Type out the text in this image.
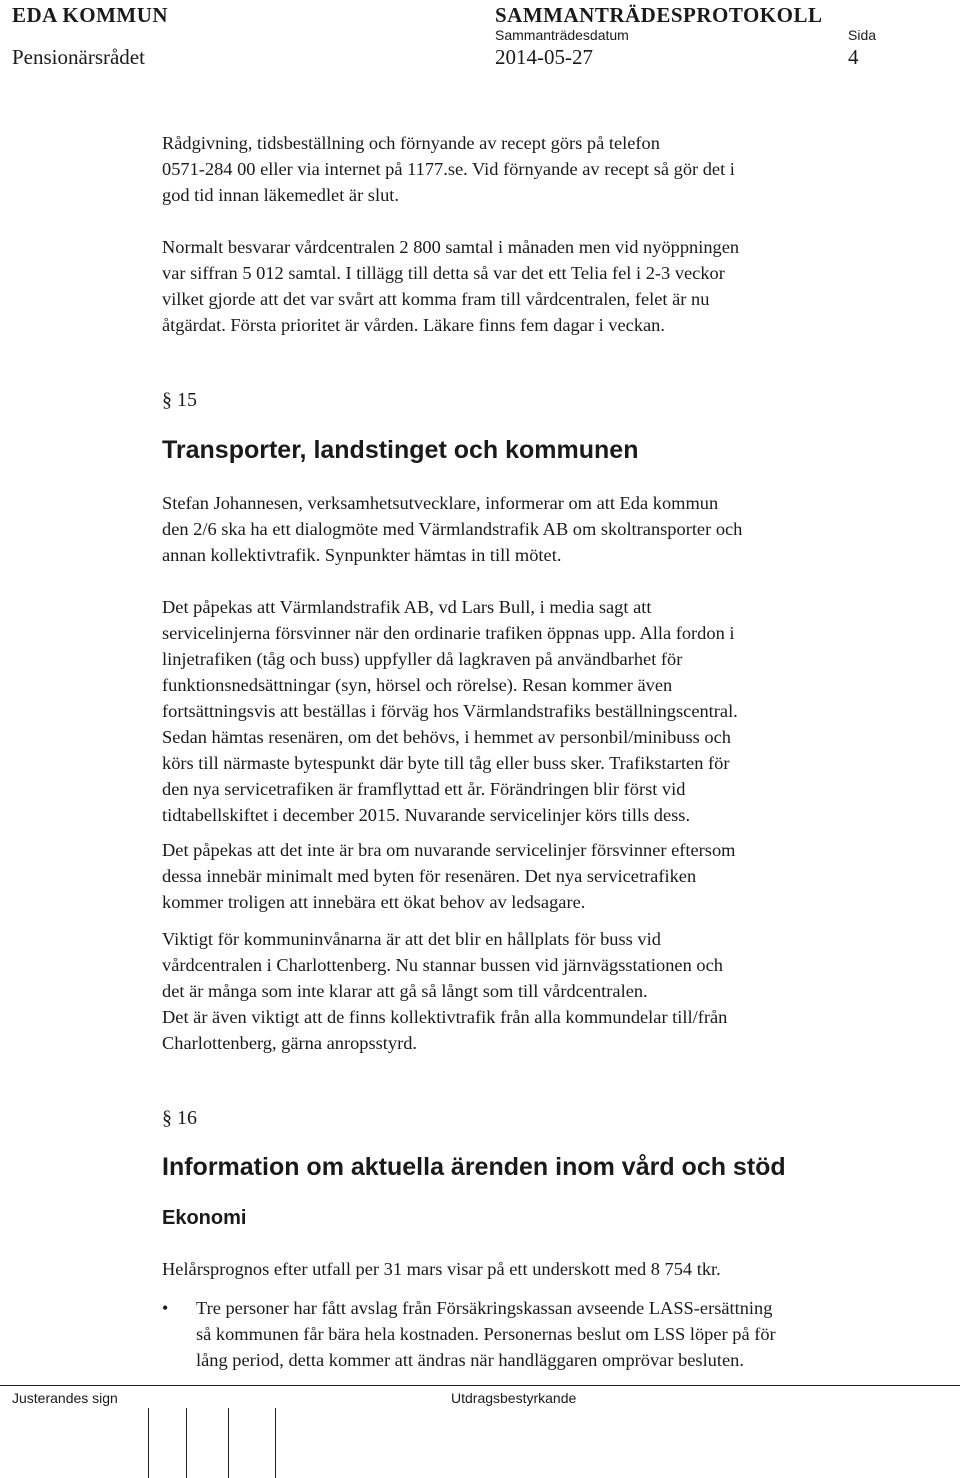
EDA KOMMUN	SAMMANTRÄDESPROTOKOLL
Sammanträdesdatum	Sida
Pensionärsrådet	2014-05-27	4

Rådgivning, tidsbeställning och förnyande av recept görs på telefon

0571-284 00 eller via internet på 1177.se. Vid förnyande av recept så gör det i

god tid innan läkemedlet är slut.

Normalt besvarar vårdcentralen 2 800 samtal i månaden men vid nyöppningen

var siffran 5 012 samtal. I tillägg till detta så var det ett Telia fel i 2-3 veckor

vilket gjorde att det var svårt att komma fram till vårdcentralen, felet är nu

åtgärdat. Första prioritet är vården. Läkare finns fem dagar i veckan.

§ 15
Transporter, landstinget och kommunen

Stefan Johannesen, verksamhetsutvecklare, informerar om att Eda kommun

den 2/6 ska ha ett dialogmöte med Värmlandstrafik AB om skoltransporter och

annan kollektivtrafik. Synpunkter hämtas in till mötet.

Det påpekas att Värmlandstrafik AB, vd Lars Bull, i media sagt att

servicelinjerna försvinner när den ordinarie trafiken öppnas upp. Alla fordon i

linjetrafiken (tåg och buss) uppfyller då lagkraven på användbarhet för

funktionsnedsättningar (syn, hörsel och rörelse). Resan kommer även

fortsättningsvis att beställas i förväg hos Värmlandstrafiks beställningscentral.

Sedan hämtas resenären, om det behövs, i hemmet av personbil/minibuss och

körs till närmaste bytespunkt där byte till tåg eller buss sker. Trafikstarten för

den nya servicetrafiken är framflyttad ett år. Förändringen blir först vid

tidtabellskiftet i december 2015. Nuvarande servicelinjer körs tills dess.

Det påpekas att det inte är bra om nuvarande servicelinjer försvinner eftersom

dessa innebär minimalt med byten för resenären. Det nya servicetrafiken

kommer troligen att innebära ett ökat behov av ledsagare.

Viktigt för kommuninvånarna är att det blir en hållplats för buss vid

vårdcentralen i Charlottenberg. Nu stannar bussen vid järnvägsstationen och

det är många som inte klarar att gå så långt som till vårdcentralen.

Det är även viktigt att de finns kollektivtrafik från alla kommundelar till/från

Charlottenberg, gärna anropsstyrd.

§ 16
Information om aktuella ärenden inom vård och stöd
Ekonomi

Helårsprognos efter utfall per 31 mars visar på ett underskott med 8 754 tkr.

• Tre personer har fått avslag från Försäkringskassan avseende LASS-ersättning
så kommunen får bära hela kostnaden. Personernas beslut om LSS löper på för
lång period, detta kommer att ändras när handläggaren omprövar besluten.
Justerandes sign	Utdragsbestyrkande
